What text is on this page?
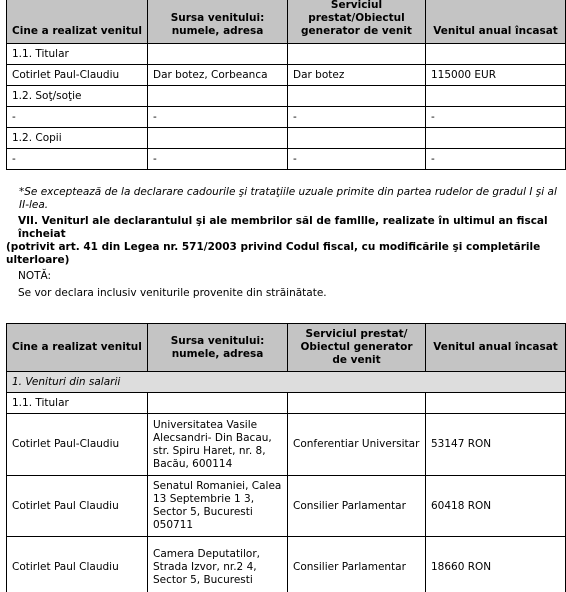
Cine a realizat venitul	Sursa venitului: numele, adresa	Serviciul prestat/Obiectul generator de venit	Venitul anual încasat
1.1. Titular			
Cotirlet Paul-Claudiu	Dar botez, Corbeanca	Dar botez	115000 EUR
1.2. Soţ/soţie			
-	-	-	-
1.2. Copii			
-	-	-	-
*Se exceptează de la declarare cadourile şi trataţiile uzuale primite din partea rudelor de gradul I şi al II-lea.
VII. Veniturl ale declarantulul şi ale membrilor săl de famllle, realizate în ultimul an fiscal încheiat
(potrivit art. 41 din Legea nr. 571/2003 privind Codul fiscal, cu modificările şi completările
ulterloare)
NOTĂ:
Se vor declara inclusiv veniturile provenite din străinătate.
Cine a realizat venitul	Sursa venitului: numele, adresa	Serviciul prestat/ Obiectul generator de venit	Venitul anual încasat
1. Venituri din salarii			
1.1. Titular			
Cotirlet Paul-Claudiu	Universitatea Vasile Alecsandri- Din Bacau, str. Spiru Haret, nr. 8, Bacău, 600114	Conferentiar Universitar	53147 RON
Cotirlet Paul Claudiu	Senatul Romaniei, Calea 13 Septembrie 1 3, Sector 5, Bucuresti 050711	Consilier Parlamentar	60418 RON
Cotirlet Paul Claudiu	Camera Deputatilor, Strada Izvor, nr.2 4, Sector 5, Bucuresti	Consilier Parlamentar	18660 RON
